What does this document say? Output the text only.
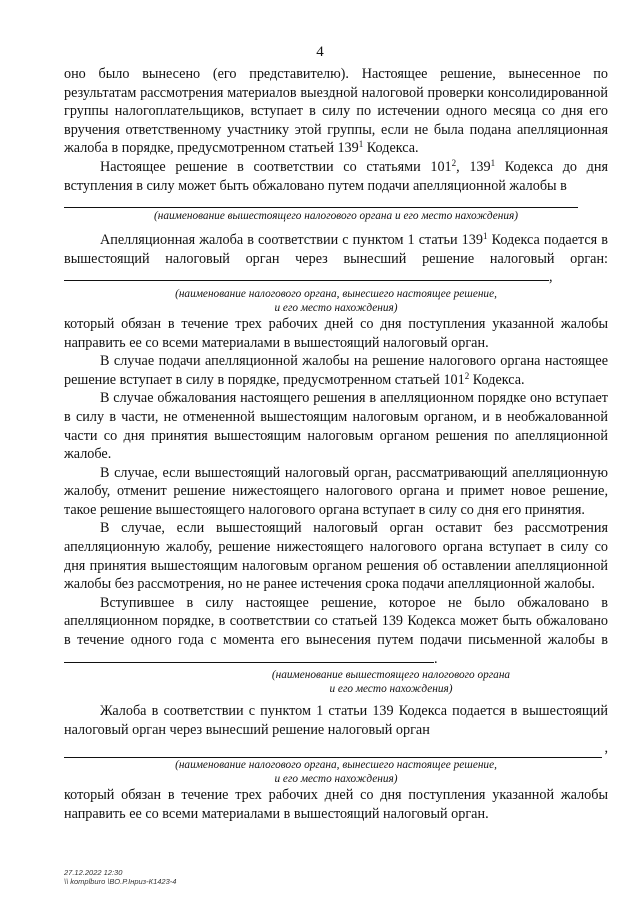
4

оно было вынесено (его представителю). Настоящее решение, вынесенное по результатам рассмотрения материалов выездной налоговой проверки консолидированной группы налогоплательщиков, вступает в силу по истечении одного месяца со дня его вручения ответственному участнику этой группы, если не была подана апелляционная жалоба в порядке, предусмотренном статьей $139^1$ Кодекса.

Настоящее решение в соответствии со статьями $101^2$, $139^1$ Кодекса до дня вступления в силу может быть обжаловано путем подачи апелляционной жалобы в

(наименование вышестоящего налогового органа и его место нахождения)

Апелляционная жалоба в соответствии с пунктом 1 статьи $139^1$ Кодекса подается в вышестоящий налоговый орган через вынесший решение налоговый орган: ,

(наименование налогового органа, вынесшего настоящее решение,
и его место нахождения)

который обязан в течение трех рабочих дней со дня поступления указанной жалобы направить ее со всеми материалами в вышестоящий налоговый орган.

В случае подачи апелляционной жалобы на решение налогового органа настоящее решение вступает в силу в порядке, предусмотренном статьей $101^2$ Кодекса.

В случае обжалования настоящего решения в апелляционном порядке оно вступает в силу в части, не отмененной вышестоящим налоговым органом, и в необжалованной части со дня принятия вышестоящим налоговым органом решения по апелляционной жалобе.

В случае, если вышестоящий налоговый орган, рассматривающий апелляционную жалобу, отменит решение нижестоящего налогового органа и примет новое решение, такое решение вышестоящего налогового органа вступает в силу со дня его принятия.

В случае, если вышестоящий налоговый орган оставит без рассмотрения апелляционную жалобу, решение нижестоящего налогового органа вступает в силу со дня принятия вышестоящим налоговым органом решения об оставлении апелляционной жалобы без рассмотрения, но не ранее истечения срока подачи апелляционной жалобы.

Вступившее в силу настоящее решение, которое не было обжаловано в апелляционном порядке, в соответствии со статьей 139 Кодекса может быть обжаловано в течение одного года с момента его вынесения путем подачи письменной жалобы в .

(наименование вышестоящего налогового органа
и его место нахождения)

Жалоба в соответствии с пунктом 1 статьи 139 Кодекса подается в вышестоящий налоговый орган через вынесший решение налоговый орган

,
(наименование налогового органа, вынесшего настоящее решение,
и его место нахождения)

который обязан в течение трех рабочих дней со дня поступления указанной жалобы направить ее со всеми материалами в вышестоящий налоговый орган.

27.12.2022 12:30
\\ komplburo \ВО.Р.Інриз-К1423-4
